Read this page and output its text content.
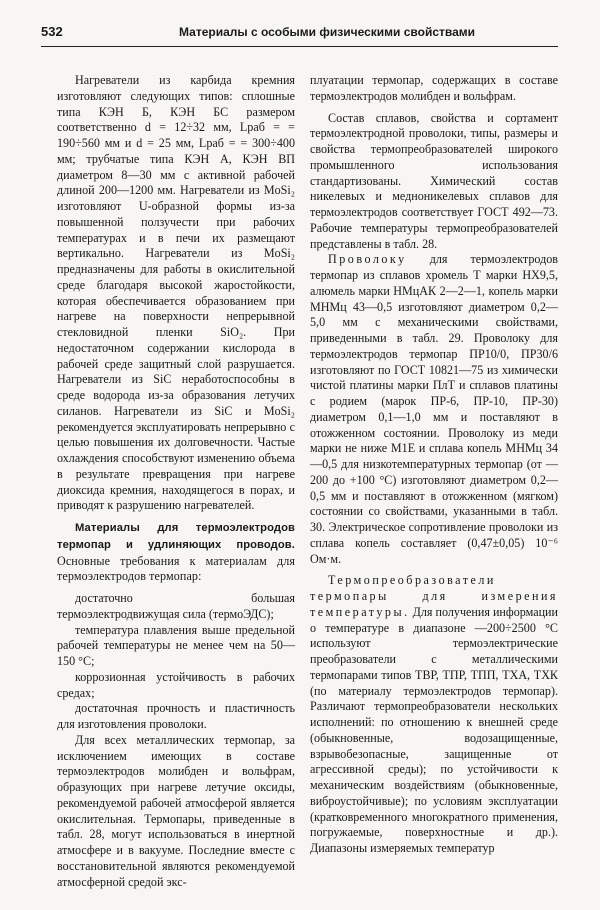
532	Материалы с особыми физическими свойствами

Нагреватели из карбида кремния изготовляют следующих типов: сплошные типа КЭН Б, КЭН БС размером соответственно d = 12÷32 мм, Lраб = = 190÷560 мм и d = 25 мм, Lраб = = 300÷400 мм; трубчатые типа КЭН А, КЭН ВП диаметром 8—30 мм с активной рабочей длиной 200—1200 мм. Нагреватели из MoSi₂ изготовляют U-образной формы из-за повышенной ползучести при рабочих температурах и в печи их размещают вертикально. Нагреватели из MoSi₂ предназначены для работы в окислительной среде благодаря высокой жаростойкости, которая обеспечивается образованием при нагреве на поверхности непрерывной стекловидной пленки SiO₂. При недостаточном содержании кислорода в рабочей среде защитный слой разрушается. Нагреватели из SiC неработоспособны в среде водорода из-за образования летучих силанов. Нагреватели из SiC и MoSi₂ рекомендуется эксплуатировать непрерывно с целью повышения их долговечности. Частые охлаждения способствуют изменению объема в результате превращения при нагреве диоксида кремния, находящегося в порах, и приводят к разрушению нагревателей.

Материалы для термоэлектродов термопар и удлиняющих проводов. Основные требования к материалам для термоэлектродов термопар:

достаточно большая термоэлектродвижущая сила (термоЭДС);

температура плавления выше предельной рабочей температуры не менее чем на 50—150 °С;

коррозионная устойчивость в рабочих средах;

достаточная прочность и пластичность для изготовления проволоки.

Для всех металлических термопар, за исключением имеющих в составе термоэлектродов молибден и вольфрам, образующих при нагреве летучие оксиды, рекомендуемой рабочей атмосферой является окислительная. Термопары, приведенные в табл. 28, могут использоваться в инертной атмосфере и в вакууме. Последние вместе с восстановительной являются рекомендуемой атмосферной средой экс-

плуатации термопар, содержащих в составе термоэлектродов молибден и вольфрам.

Состав сплавов, свойства и сортамент термоэлектродной проволоки, типы, размеры и свойства термопреобразователей широкого промышленного использования стандартизованы. Химический состав никелевых и медноникелевых сплавов для термоэлектродов соответствует ГОСТ 492—73. Рабочие температуры термопреобразователей представлены в табл. 28.

Проволоку для термоэлектродов термопар из сплавов хромель Т марки НХ9,5, алюмель марки НМцАК 2—2—1, копель марки МНМц 43—0,5 изготовляют диаметром 0,2—5,0 мм с механическими свойствами, приведенными в табл. 29. Проволоку для термоэлектродов термопар ПР10/0, ПР30/6 изготовляют по ГОСТ 10821—75 из химически чистой платины марки ПлТ и сплавов платины с родием (марок ПР-6, ПР-10, ПР-30) диаметром 0,1—1,0 мм и поставляют в отожженном состоянии. Проволоку из меди марки не ниже М1Е и сплава копель МНМц 34—0,5 для низкотемпературных термопар (от —200 до +100 °С) изготовляют диаметром 0,2—0,5 мм и поставляют в отожженном (мягком) состоянии со свойствами, указанными в табл. 30. Электрическое сопротивление проволоки из сплава копель составляет (0,47±0,05) 10⁻⁶ Ом·м.

Термопреобразователи термопары для измерения температуры. Для получения информации о температуре в диапазоне —200÷2500 °С используют термоэлектрические преобразователи с металлическими термопарами типов ТВР, ТПР, ТПП, ТХА, ТХК (по материалу термоэлектродов термопар). Различают термопреобразователи нескольких исполнений: по отношению к внешней среде (обыкновенные, водозащищенные, взрывобезопасные, защищенные от агрессивной среды); по устойчивости к механическим воздействиям (обыкновенные, виброустойчивые); по условиям эксплуатации (кратковременного многократного применения, погружаемые, поверхностные и др.). Диапазоны измеряемых температур
